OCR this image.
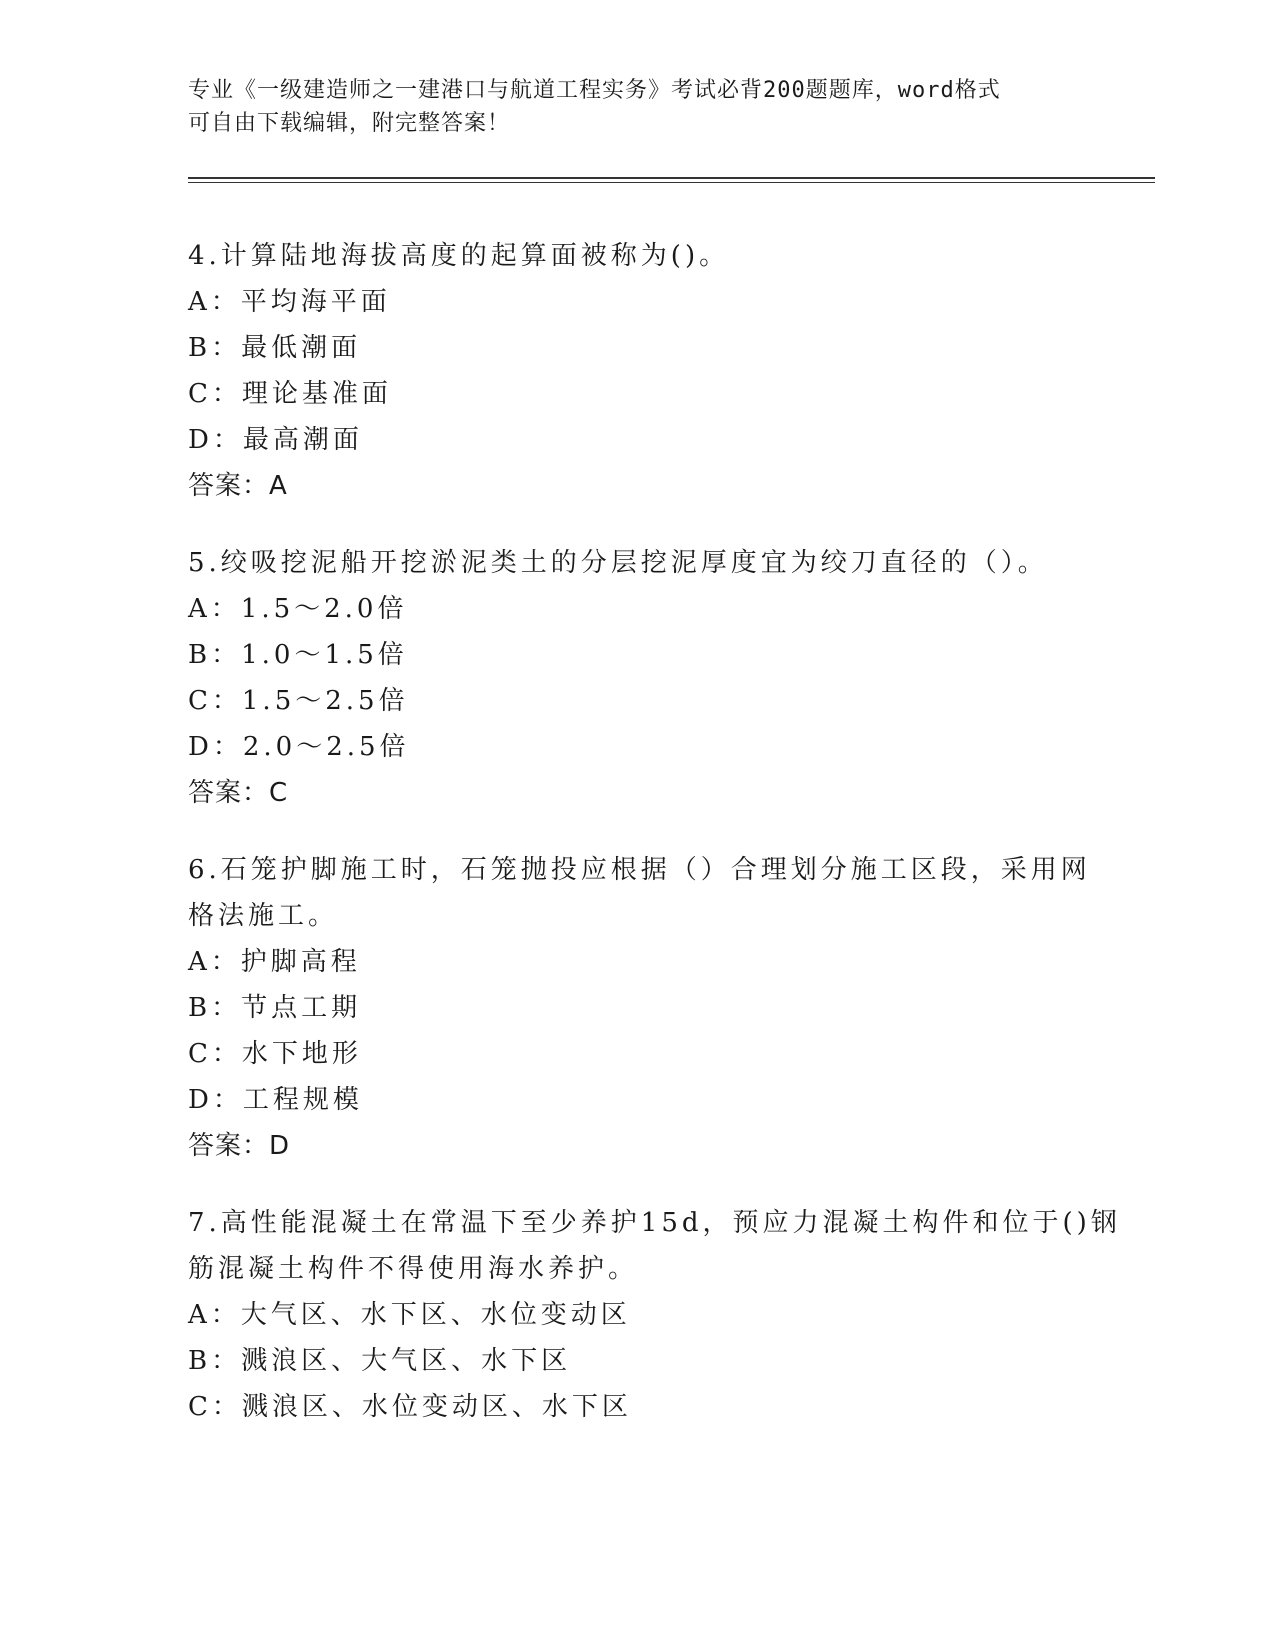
专业《一级建造师之一建港口与航道工程实务》考试必背200题题库，word格式
可自由下载编辑，附完整答案！
4.计算陆地海拔高度的起算面被称为()。
A：平均海平面
B：最低潮面
C：理论基准面
D：最高潮面
答案：A
5.绞吸挖泥船开挖淤泥类土的分层挖泥厚度宜为绞刀直径的（）。
A：1.5～2.0倍
B：1.0～1.5倍
C：1.5～2.5倍
D：2.0～2.5倍
答案：C
6.石笼护脚施工时，石笼抛投应根据（）合理划分施工区段，采用网
格法施工。
A：护脚高程
B：节点工期
C：水下地形
D：工程规模
答案：D
7.高性能混凝土在常温下至少养护15d，预应力混凝土构件和位于()钢
筋混凝土构件不得使用海水养护。
A：大气区、水下区、水位变动区
B：溅浪区、大气区、水下区
C：溅浪区、水位变动区、水下区
